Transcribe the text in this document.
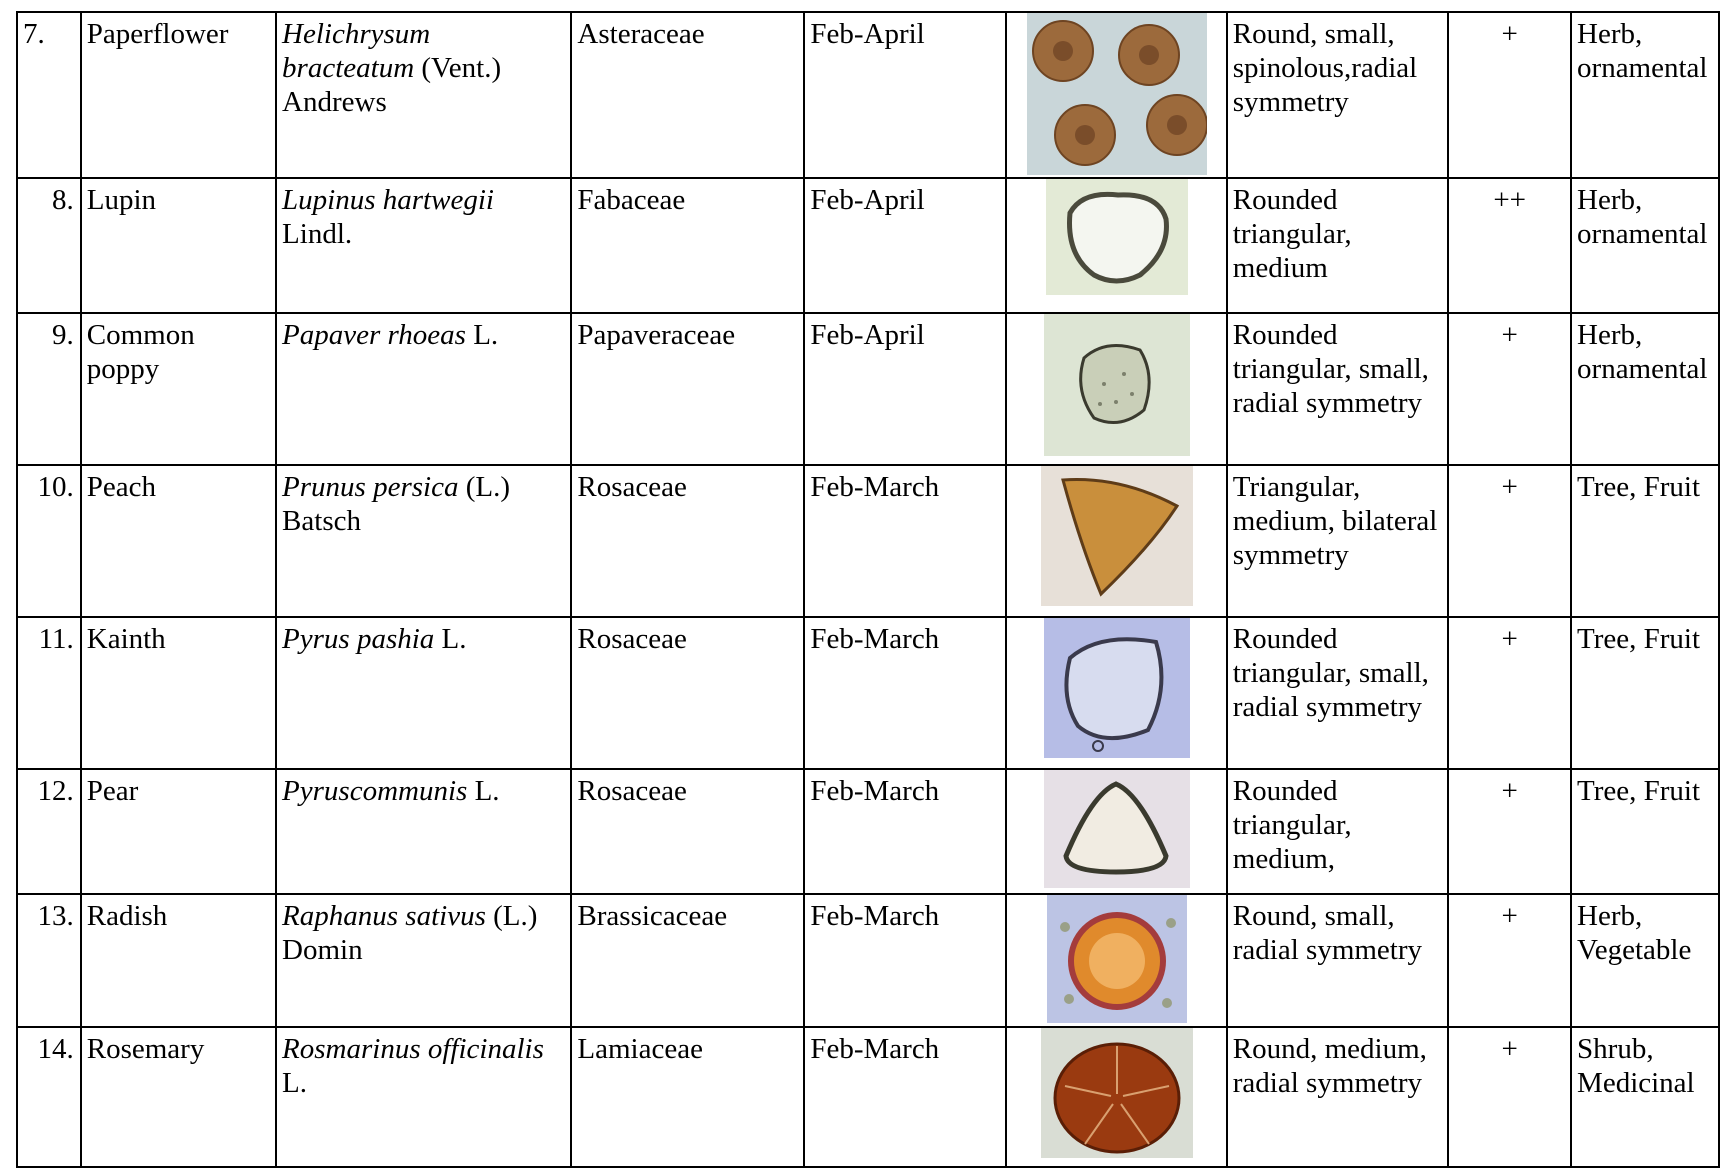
7.	Paperflower	Helichrysum bracteatum (Vent.) Andrews	Asteraceae	Feb-April		Round, small, spinolous,radial symmetry	+	Herb, ornamental
8.	Lupin	Lupinus hartwegii Lindl.	Fabaceae	Feb-April		Rounded triangular, medium	++	Herb, ornamental
9.	Common poppy	Papaver rhoeas L.	Papaveraceae	Feb-April		Rounded triangular, small, radial symmetry	+	Herb, ornamental
10.	Peach	Prunus persica (L.) Batsch	Rosaceae	Feb-March		Triangular, medium, bilateral symmetry	+	Tree, Fruit
11.	Kainth	Pyrus pashia L.	Rosaceae	Feb-March		Rounded triangular, small, radial symmetry	+	Tree, Fruit
12.	Pear	Pyruscommunis L.	Rosaceae	Feb-March		Rounded triangular, medium,	+	Tree, Fruit
13.	Radish	Raphanus sativus (L.) Domin	Brassicaceae	Feb-March		Round, small, radial symmetry	+	Herb, Vegetable
14.	Rosemary	Rosmarinus officinalis L.	Lamiaceae	Feb-March		Round, medium, radial symmetry	+	Shrub, Medicinal
